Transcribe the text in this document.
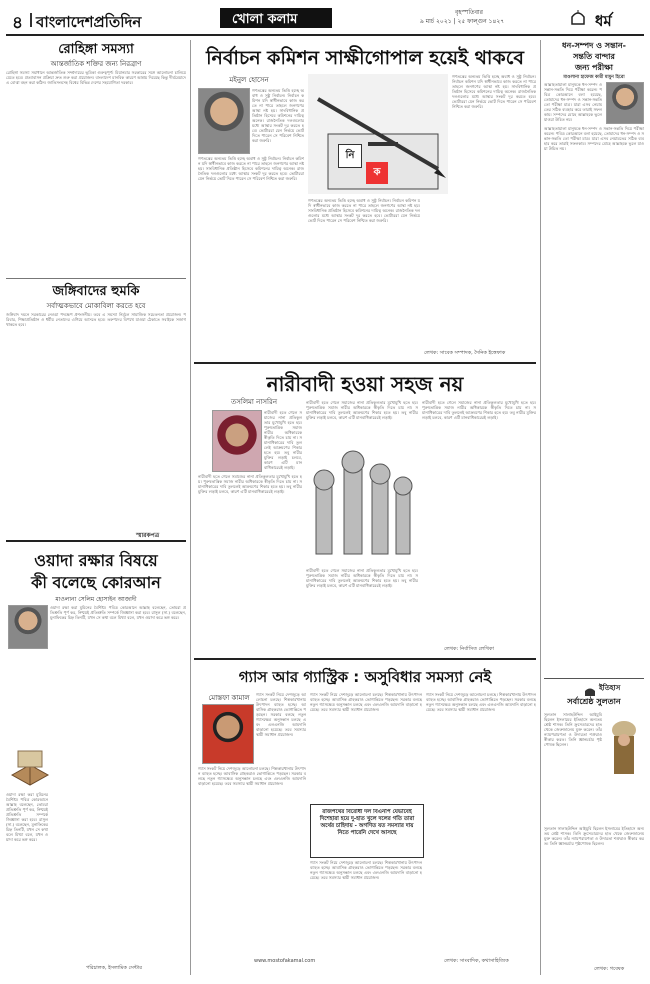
৪ বাংলাদেশপ্রতিদিন	খোলা কলাম	বৃহস্পতিবার
৯ মার্চ ২০২১ | ২৫ ফাল্গুন ১৪২৭	ধর্ম
রোহিঙ্গা সমস্যা
আন্তর্জাতিক শক্তির জন্য নিরব্রাণ
রোহিঙ্গা সমস্যা সমাধানে আন্তর্জাতিক সম্প্রদায়ের ভূমিকা গুরুত্বপূর্ণ। মিয়ানমার সরকারের সঙ্গে আলোচনা চালিয়ে যেতে হবে। প্রত্যাবাসন প্রক্রিয়া দ্রুত শুরু করা প্রয়োজন। বাংলাদেশ মানবিক কারণে আশ্রয় দিয়েছে কিন্তু দীর্ঘমেয়াদে এ বোঝা বহন করা কঠিন। জাতিসংঘসহ বিশ্বের বিভিন্ন দেশের সহযোগিতা দরকার।
জঙ্গিবাদের হুমকি
সর্বাত্মকভাবে মোকাবিলা করতে হবে
জঙ্গিবাদ দমনে সরকারের নেওয়া পদক্ষেপ প্রশংসনীয়। তবে এ সমস্যা নির্মূলে সামাজিক সচেতনতা প্রয়োজন। পরিবার, শিক্ষাপ্রতিষ্ঠান ও ধর্মীয় নেতাদের এগিয়ে আসতে হবে। তরুণদের বিপথে যাওয়া ঠেকাতে সবাইকে সজাগ থাকতে হবে।
স্মারকপত্র
ওয়াদা রক্ষার বিষয়ে
কী বলেছে কোরআন
মাওলানা সেলিম হোসাইন আজাদী
ওয়াদা রক্ষা করা মুমিনের বৈশিষ্ট্য। পবিত্র কোরআনে আল্লাহ বলেছেন, তোমরা প্রতিশ্রুতি পূর্ণ কর, নিশ্চয়ই প্রতিশ্রুতি সম্পর্কে জিজ্ঞাসা করা হবে। রাসুল (সা.) বলেছেন, মুনাফিকের চিহ্ন তিনটি, যখন সে কথা বলে মিথ্যা বলে, যখন ওয়াদা করে ভঙ্গ করে।
ওয়াদা রক্ষা করা মুমিনের বৈশিষ্ট্য। পবিত্র কোরআনে আল্লাহ বলেছেন, তোমরা প্রতিশ্রুতি পূর্ণ কর, নিশ্চয়ই প্রতিশ্রুতি সম্পর্কে জিজ্ঞাসা করা হবে। রাসুল (সা.) বলেছেন, মুনাফিকের চিহ্ন তিনটি, যখন সে কথা বলে মিথ্যা বলে, যখন ওয়াদা করে ভঙ্গ করে।
পরিচালক, ইসলামিক সেন্টার
নির্বাচন কমিশন সাক্ষীগোপাল হয়েই থাকবে
মইনুল হোসেন
গণতন্ত্রের অন্যতম ভিত্তি হচ্ছে অবাধ ও সুষ্ঠু নির্বাচন। নির্বাচন কমিশন যদি স্বাধীনভাবে কাজ করতে না পারে তাহলে জনগণের আস্থা নষ্ট হয়। সাংবিধানিক প্রতিষ্ঠান হিসেবে কমিশনের দায়িত্ব অনেক। রাজনৈতিক দলগুলোর মধ্যে আস্থার সংকট দূর করতে হবে। ভোটাররা যেন নির্ভয়ে ভোট দিতে পারেন সে পরিবেশ নিশ্চিত করা জরুরি।
গণতন্ত্রের অন্যতম ভিত্তি হচ্ছে অবাধ ও সুষ্ঠু নির্বাচন। নির্বাচন কমিশন যদি স্বাধীনভাবে কাজ করতে না পারে তাহলে জনগণের আস্থা নষ্ট হয়। সাংবিধানিক প্রতিষ্ঠান হিসেবে কমিশনের দায়িত্ব অনেক। রাজনৈতিক দলগুলোর মধ্যে আস্থার সংকট দূর করতে হবে। ভোটাররা যেন নির্ভয়ে ভোট দিতে পারেন সে পরিবেশ নিশ্চিত করা জরুরি।
নি
ক
গণতন্ত্রের অন্যতম ভিত্তি হচ্ছে অবাধ ও সুষ্ঠু নির্বাচন। নির্বাচন কমিশন যদি স্বাধীনভাবে কাজ করতে না পারে তাহলে জনগণের আস্থা নষ্ট হয়। সাংবিধানিক প্রতিষ্ঠান হিসেবে কমিশনের দায়িত্ব অনেক। রাজনৈতিক দলগুলোর মধ্যে আস্থার সংকট দূর করতে হবে। ভোটাররা যেন নির্ভয়ে ভোট দিতে পারেন সে পরিবেশ নিশ্চিত করা জরুরি।
গণতন্ত্রের অন্যতম ভিত্তি হচ্ছে অবাধ ও সুষ্ঠু নির্বাচন। নির্বাচন কমিশন যদি স্বাধীনভাবে কাজ করতে না পারে তাহলে জনগণের আস্থা নষ্ট হয়। সাংবিধানিক প্রতিষ্ঠান হিসেবে কমিশনের দায়িত্ব অনেক। রাজনৈতিক দলগুলোর মধ্যে আস্থার সংকট দূর করতে হবে। ভোটাররা যেন নির্ভয়ে ভোট দিতে পারেন সে পরিবেশ নিশ্চিত করা জরুরি।
লেখক: সাবেক সম্পাদক, দৈনিক ইত্তেফাক
নারীবাদী হওয়া সহজ নয়
তসলিমা নাসরিন
নারীবাদী হতে গেলে সমাজের নানা প্রতিকূলতার মুখোমুখি হতে হয়। পুরুষতান্ত্রিক সমাজ নারীর অধিকারকে স্বীকৃতি দিতে চায় না। সমানাধিকারের দাবি তুললেই আক্রমণের শিকার হতে হয়। তবু নারীর মুক্তির লড়াই চলবে, কারণ এটি মানবাধিকারেরই লড়াই।
নারীবাদী হতে গেলে সমাজের নানা প্রতিকূলতার মুখোমুখি হতে হয়। পুরুষতান্ত্রিক সমাজ নারীর অধিকারকে স্বীকৃতি দিতে চায় না। সমানাধিকারের দাবি তুললেই আক্রমণের শিকার হতে হয়। তবু নারীর মুক্তির লড়াই চলবে, কারণ এটি মানবাধিকারেরই লড়াই।
নারীবাদী হতে গেলে সমাজের নানা প্রতিকূলতার মুখোমুখি হতে হয়। পুরুষতান্ত্রিক সমাজ নারীর অধিকারকে স্বীকৃতি দিতে চায় না। সমানাধিকারের দাবি তুললেই আক্রমণের শিকার হতে হয়। তবু নারীর মুক্তির লড়াই চলবে, কারণ এটি মানবাধিকারেরই লড়াই।
নারীবাদী হতে গেলে সমাজের নানা প্রতিকূলতার মুখোমুখি হতে হয়। পুরুষতান্ত্রিক সমাজ নারীর অধিকারকে স্বীকৃতি দিতে চায় না। সমানাধিকারের দাবি তুললেই আক্রমণের শিকার হতে হয়। তবু নারীর মুক্তির লড়াই চলবে, কারণ এটি মানবাধিকারেরই লড়াই।
নারীবাদী হতে গেলে সমাজের নানা প্রতিকূলতার মুখোমুখি হতে হয়। পুরুষতান্ত্রিক সমাজ নারীর অধিকারকে স্বীকৃতি দিতে চায় না। সমানাধিকারের দাবি তুললেই আক্রমণের শিকার হতে হয়। তবু নারীর মুক্তির লড়াই চলবে, কারণ এটি মানবাধিকারেরই লড়াই।
লেখক: নির্বাসিত লেখিকা
গ্যাস আর গ্যাস্ট্রিক : অসুবিধার সমস্যা নেই
মোস্তফা কামাল	গ্যাস সংকট নিয়ে দেশজুড়ে আলোচনা চলছে। শিল্পকারখানায় উৎপাদন ব্যাহত হচ্ছে। আবাসিক গ্রাহকরাও ভোগান্তিতে পড়ছেন। সরকার বলছে নতুন গ্যাসক্ষেত্র অনুসন্ধান চলছে এবং এলএনজি আমদানি বাড়ানো হয়েছে। তবে সমস্যার স্থায়ী সমাধান প্রয়োজন।
গ্যাস সংকট নিয়ে দেশজুড়ে আলোচনা চলছে। শিল্পকারখানায় উৎপাদন ব্যাহত হচ্ছে। আবাসিক গ্রাহকরাও ভোগান্তিতে পড়ছেন। সরকার বলছে নতুন গ্যাসক্ষেত্র অনুসন্ধান চলছে এবং এলএনজি আমদানি বাড়ানো হয়েছে। তবে সমস্যার স্থায়ী সমাধান প্রয়োজন।
গ্যাস সংকট নিয়ে দেশজুড়ে আলোচনা চলছে। শিল্পকারখানায় উৎপাদন ব্যাহত হচ্ছে। আবাসিক গ্রাহকরাও ভোগান্তিতে পড়ছেন। সরকার বলছে নতুন গ্যাসক্ষেত্র অনুসন্ধান চলছে এবং এলএনজি আমদানি বাড়ানো হয়েছে। তবে সমস্যার স্থায়ী সমাধান প্রয়োজন।
রাজপথের বিরোধী দল বিএনপি যেভাবেই দিশেহারা হয়ে দু-হাত খুলে দলের গতি তারা অর্থের চাহিদায় - অগণিত যত সমস্যার দায় নিতে পারেনি দেখে আসছে
গ্যাস সংকট নিয়ে দেশজুড়ে আলোচনা চলছে। শিল্পকারখানায় উৎপাদন ব্যাহত হচ্ছে। আবাসিক গ্রাহকরাও ভোগান্তিতে পড়ছেন। সরকার বলছে নতুন গ্যাসক্ষেত্র অনুসন্ধান চলছে এবং এলএনজি আমদানি বাড়ানো হয়েছে। তবে সমস্যার স্থায়ী সমাধান প্রয়োজন।
গ্যাস সংকট নিয়ে দেশজুড়ে আলোচনা চলছে। শিল্পকারখানায় উৎপাদন ব্যাহত হচ্ছে। আবাসিক গ্রাহকরাও ভোগান্তিতে পড়ছেন। সরকার বলছে নতুন গ্যাসক্ষেত্র অনুসন্ধান চলছে এবং এলএনজি আমদানি বাড়ানো হয়েছে। তবে সমস্যার স্থায়ী সমাধান প্রয়োজন।
www.mostofakamal.com	লেখক: সাংবাদিক, কথাসাহিত্যিক
ধন-সম্পদ ও সন্তান-
সন্ততি বান্দার
জন্য পরীক্ষা
মাওলানা হাফেজ কারী মামুন হিরো
আল্লাহতায়ালা মানুষকে ধন-সম্পদ ও সন্তান-সন্ততি দিয়ে পরীক্ষা করেন। পবিত্র কোরআনে বলা হয়েছে, তোমাদের ধন-সম্পদ ও সন্তান-সন্ততি তো পরীক্ষা মাত্র। যারা এসব নেয়ামতের সঠিক ব্যবহার করে তারাই সফলকাম। সম্পদের মোহে আল্লাহকে ভুলে যাওয়া উচিত নয়।
আল্লাহতায়ালা মানুষকে ধন-সম্পদ ও সন্তান-সন্ততি দিয়ে পরীক্ষা করেন। পবিত্র কোরআনে বলা হয়েছে, তোমাদের ধন-সম্পদ ও সন্তান-সন্ততি তো পরীক্ষা মাত্র। যারা এসব নেয়ামতের সঠিক ব্যবহার করে তারাই সফলকাম। সম্পদের মোহে আল্লাহকে ভুলে যাওয়া উচিত নয়।
ইতিহাস
সর্বাশ্রেষ্ঠ সুলতান
সুলতান সালাহউদ্দিন আইয়ুবি ছিলেন ইসলামের ইতিহাসে অন্যতম শ্রেষ্ঠ শাসক। তিনি ক্রুসেডারদের হাত থেকে জেরুজালেম মুক্ত করেন। তাঁর ন্যায়পরায়ণতা ও উদারতা শত্রুরাও স্বীকার করত। তিনি জ্ঞানচর্চার পৃষ্ঠপোষক ছিলেন।
সুলতান সালাহউদ্দিন আইয়ুবি ছিলেন ইসলামের ইতিহাসে অন্যতম শ্রেষ্ঠ শাসক। তিনি ক্রুসেডারদের হাত থেকে জেরুজালেম মুক্ত করেন। তাঁর ন্যায়পরায়ণতা ও উদারতা শত্রুরাও স্বীকার করত। তিনি জ্ঞানচর্চার পৃষ্ঠপোষক ছিলেন।
লেখক: গবেষক
